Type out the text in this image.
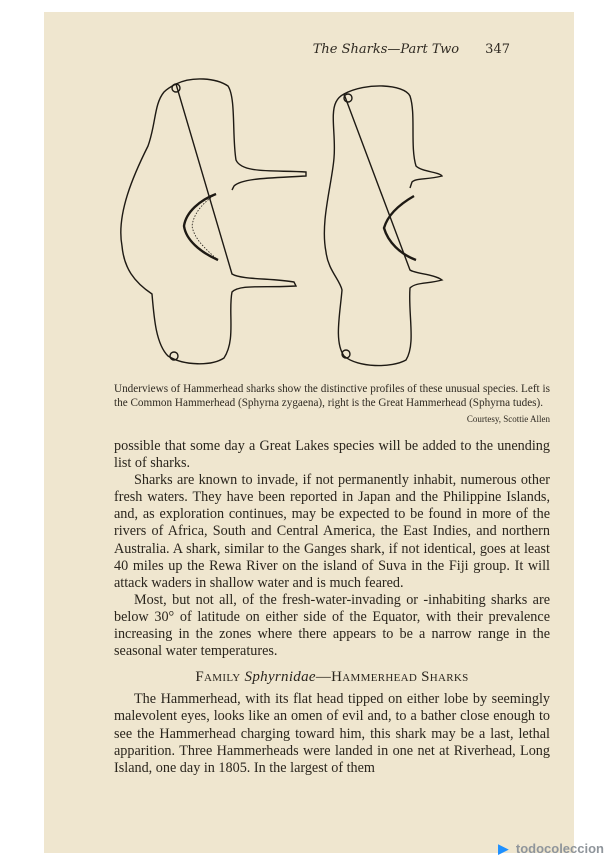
The Sharks—Part Two 347
Underviews of Hammerhead sharks show the distinctive profiles of these unusual species. Left is the Common Hammerhead (Sphyrna zygaena), right is the Great Hammerhead (Sphyrna tudes).
Courtesy, Scottie Allen

possible that some day a Great Lakes species will be added to the unending list of sharks.

Sharks are known to invade, if not permanently inhabit, numerous other fresh waters. They have been reported in Japan and the Philippine Islands, and, as exploration continues, may be expected to be found in more of the rivers of Africa, South and Central America, the East Indies, and northern Australia. A shark, similar to the Ganges shark, if not identical, goes at least 40 miles up the Rewa River on the island of Suva in the Fiji group. It will attack waders in shallow water and is much feared.

Most, but not all, of the fresh-water-invading or -inhabiting sharks are below 30° of latitude on either side of the Equator, with their prevalence increasing in the zones where there appears to be a narrow range in the seasonal water temperatures.

Family Sphyrnidae—Hammerhead Sharks

The Hammerhead, with its flat head tipped on either lobe by seemingly malevolent eyes, looks like an omen of evil and, to a bather close enough to see the Hammerhead charging toward him, this shark may be a last, lethal apparition. Three Hammerheads were landed in one net at Riverhead, Long Island, one day in 1805. In the largest of them

▶ todocoleccion
